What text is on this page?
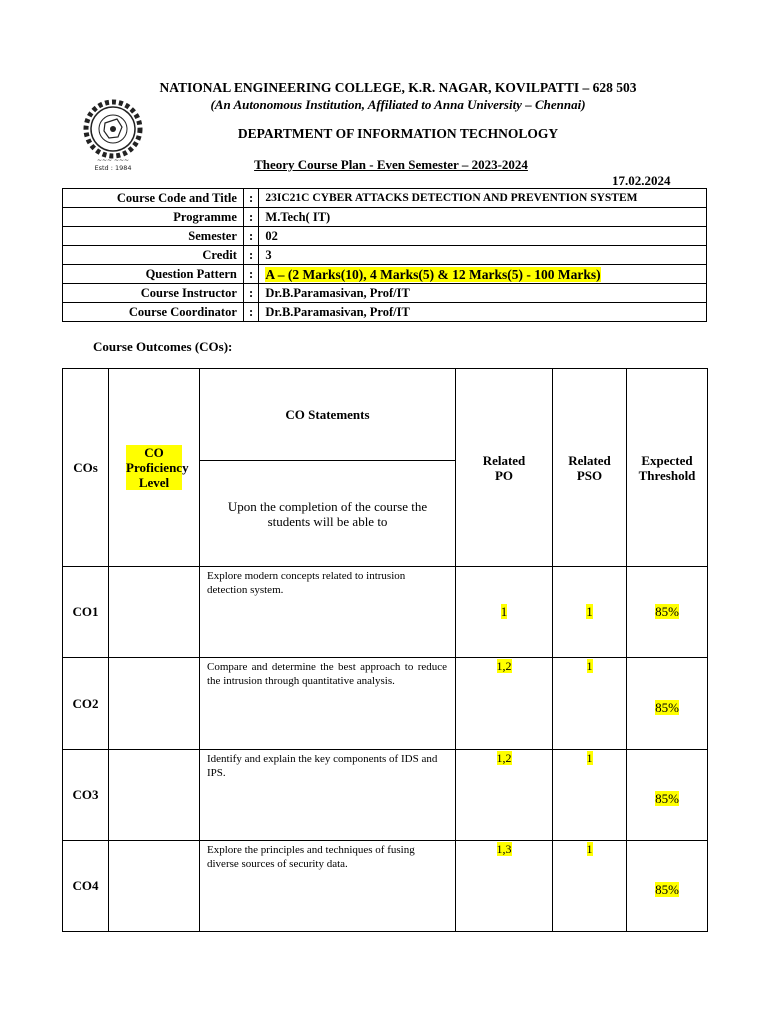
~~~ ~~~
Estd : 1984
NATIONAL ENGINEERING COLLEGE, K.R. NAGAR, KOVILPATTI – 628 503
(An Autonomous Institution, Affiliated to Anna University – Chennai)
DEPARTMENT OF INFORMATION TECHNOLOGY
Theory Course Plan - Even Semester – 2023-2024
17.02.2024
Course Code and Title	:	23IC21C CYBER ATTACKS DETECTION AND PREVENTION SYSTEM
Programme	:	M.Tech( IT)
Semester	:	02
Credit	:	3
Question Pattern	:	A – (2 Marks(10), 4 Marks(5) & 12 Marks(5) - 100 Marks)
Course Instructor	:	Dr.B.Paramasivan, Prof/IT
Course Coordinator	:	Dr.B.Paramasivan, Prof/IT
Course Outcomes (COs):
COs	CO Proficiency Level	CO Statements	Related PO	Related PSO	Expected Threshold
		Upon the completion of the course the students will be able to			
CO1		Explore modern concepts related to intrusion detection system.	1	1	85%
CO2		Compare and determine the best approach to reduce the intrusion through quantitative analysis.	1,2	1	85%
CO3		Identify and explain the key components of IDS and IPS.	1,2	1	85%
CO4		Explore the principles and techniques of fusing diverse sources of security data.	1,3	1	85%
